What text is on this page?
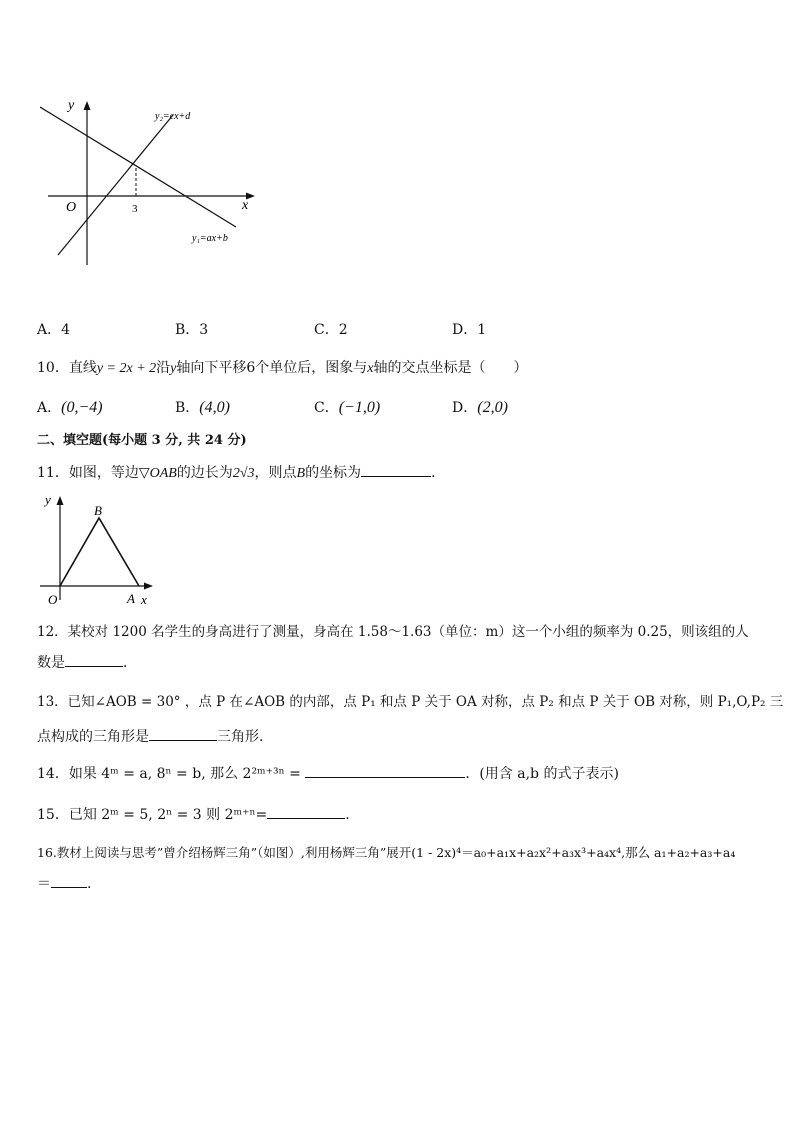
y
x
O	3
y₂=cx+d
y₁=ax+b
A．4	B．3	C．2	D．1
10．直线y = 2x + 2沿y轴向下平移6个单位后，图象与x轴的交点坐标是（　　）
A．(0,−4)	B．(4,0)	C．(−1,0)	D．(2,0)
二、填空题(每小题 3 分, 共 24 分)
11．如图，等边▽OAB的边长为2√3，则点B的坐标为	．
y
B
O	A x
12．某校对 1200 名学生的身高进行了测量，身高在 1.58～1.63（单位：m）这一个小组的频率为 0.25，则该组的人
数是	．
13．已知∠AOB = 30° ，点 P 在∠AOB 的内部，点 P₁ 和点 P 关于 OA 对称，点 P₂ 和点 P 关于 OB 对称，则 P₁,O,P₂ 三
点构成的三角形是	三角形.
14．如果 4ᵐ = a, 8ⁿ = b, 那么 2²ᵐ⁺³ⁿ =	．(用含 a,b 的式子表示)
15．已知 2ᵐ = 5, 2ⁿ = 3 则 2ᵐ⁺ⁿ=	.
16.教材上阅读与思考”曾介绍杨辉三角”（如图）,利用杨辉三角”展开(1 - 2x)⁴＝a₀+a₁x+a₂x²+a₃x³+a₄x⁴,那么 a₁+a₂+a₃+a₄
＝	.
